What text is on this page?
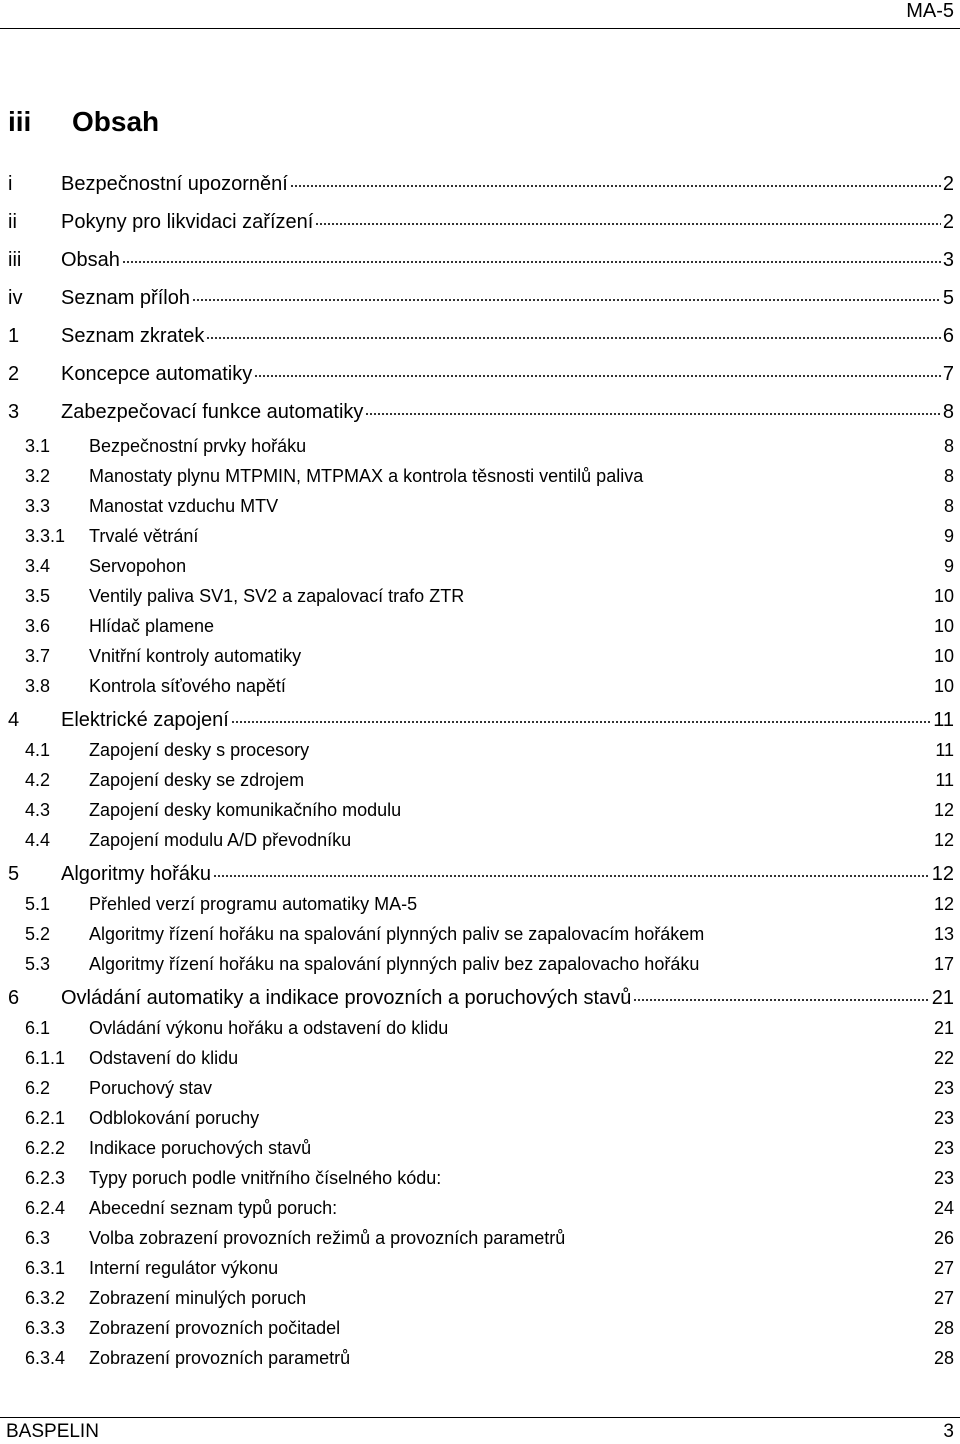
MA-5
iii Obsah
i	Bezpečnostní upozornění	2
ii	Pokyny pro likvidaci zařízení	2
iii	Obsah	3
iv	Seznam příloh	5
1	Seznam zkratek	6
2	Koncepce automatiky	7
3	Zabezpečovací funkce automatiky	8
3.1	Bezpečnostní prvky hořáku	8
3.2	Manostaty plynu MTPMIN, MTPMAX a kontrola těsnosti ventilů paliva	8
3.3	Manostat vzduchu MTV	8
3.3.1	Trvalé větrání	9
3.4	Servopohon	9
3.5	Ventily paliva SV1, SV2 a zapalovací trafo ZTR	10
3.6	Hlídač plamene	10
3.7	Vnitřní kontroly automatiky	10
3.8	Kontrola síťového napětí	10
4	Elektrické zapojení	11
4.1	Zapojení desky s procesory	11
4.2	Zapojení desky se zdrojem	11
4.3	Zapojení desky komunikačního modulu	12
4.4	Zapojení modulu A/D převodníku	12
5	Algoritmy hořáku	12
5.1	Přehled verzí programu automatiky MA-5	12
5.2	Algoritmy řízení hořáku na spalování plynných paliv se zapalovacím hořákem	13
5.3	Algoritmy řízení hořáku na spalování plynných paliv bez zapalovacho hořáku	17
6	Ovládání automatiky a indikace provozních a poruchových stavů	21
6.1	Ovládání výkonu hořáku a odstavení do klidu	21
6.1.1	Odstavení do klidu	22
6.2	Poruchový stav	23
6.2.1	Odblokování poruchy	23
6.2.2	Indikace poruchových stavů	23
6.2.3	Typy poruch podle vnitřního číselného kódu:	23
6.2.4	Abecední seznam typů poruch:	24
6.3	Volba zobrazení provozních režimů a provozních parametrů	26
6.3.1	Interní regulátor výkonu	27
6.3.2	Zobrazení minulých poruch	27
6.3.3	Zobrazení provozních počitadel	28
6.3.4	Zobrazení provozních parametrů	28
BASPELIN	3
